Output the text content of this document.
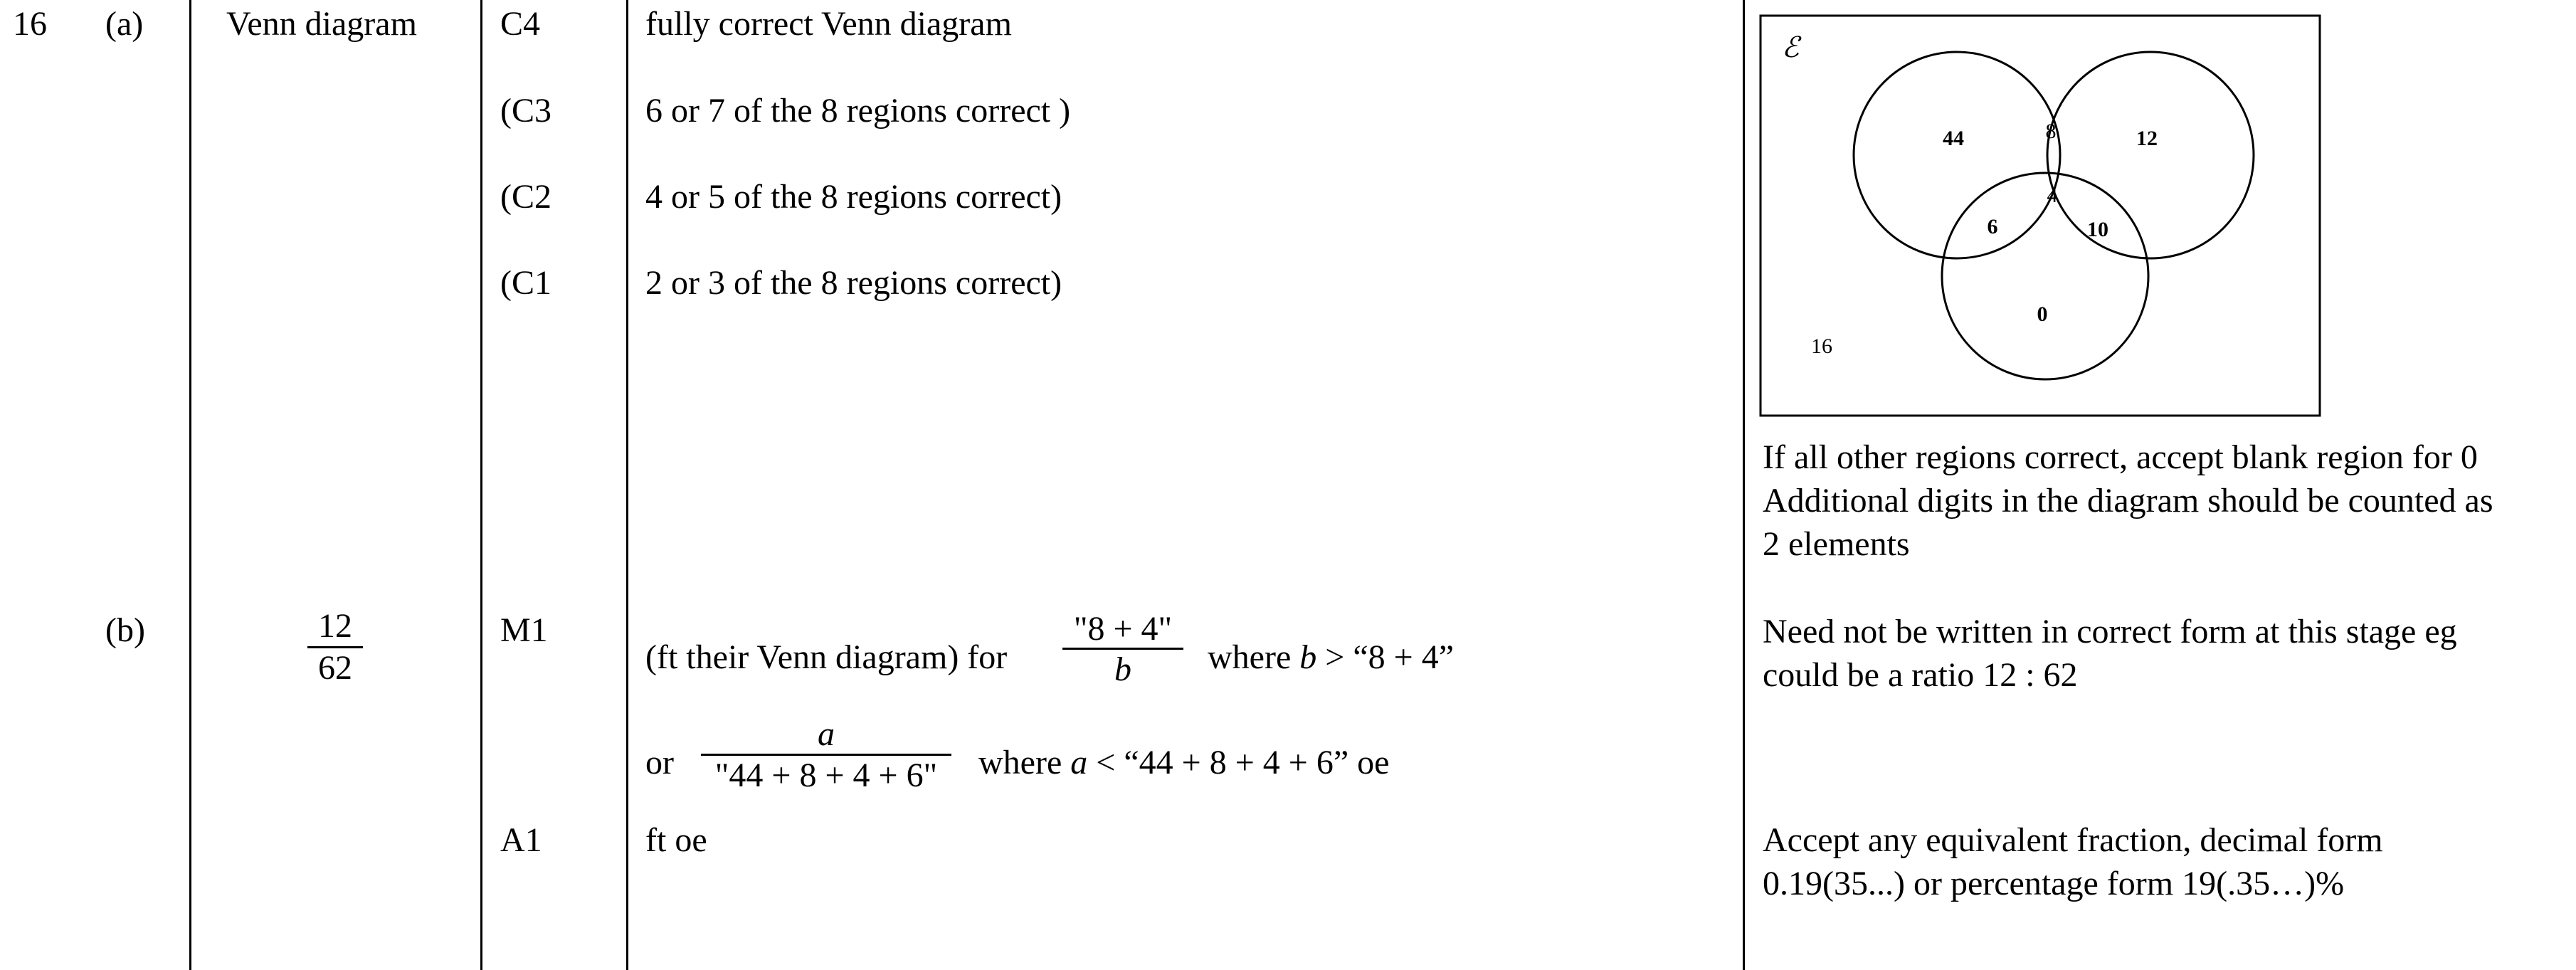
16 (a) Venn diagram C4	fully correct Venn diagram
(C3	6 or 7 of the 8 regions correct )
(C2	4 or 5 of the 8 regions correct)
(C1	2 or 3 of the 8 regions correct)
ℰ
44	8	12
4
6	10
0
16
If all other regions correct, accept blank region for 0
Additional digits in the diagram should be counted as
2 elements
(b)	12
62
M1
(ft their Venn diagram) for
"8 + 4"
b	where b > “8 + 4”
or
a
"44 + 8 + 4 + 6"	where a < “44 + 8 + 4 + 6” oe
A1	ft oe
Need not be written in correct form at this stage eg
could be a ratio 12 : 62
Accept any equivalent fraction, decimal form
0.19(35...) or percentage form 19(.35…)%
